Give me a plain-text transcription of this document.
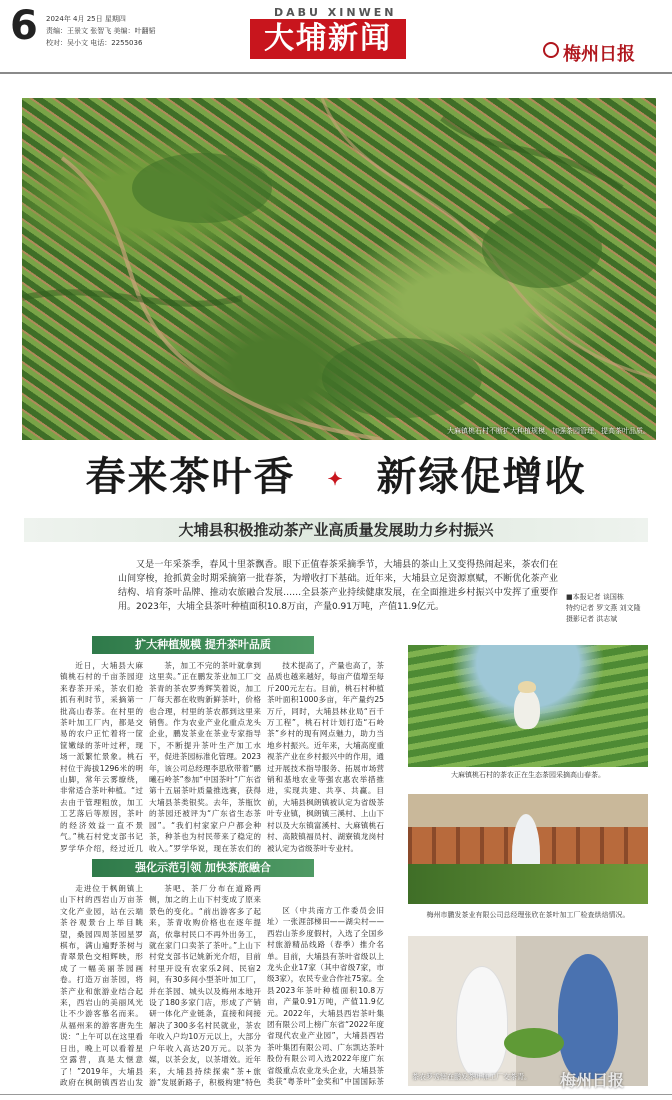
6 2024年 4月 25日 星期四
责编：王景文 张智飞 美编：叶翻韬
校对：吴小文 电话：2255036
DABU XINWEN
大埔新闻	梅州日报
大麻镇桃石村不断扩大种植规模，加强茶园管理，提高茶叶品质。
春来茶叶香 ✦ 新绿促增收
大埔县积极推动茶产业高质量发展助力乡村振兴
又是一年采茶季，春风十里茶飘香。眼下正值春茶采摘季节，大埔县的茶山上又变得热闹起来，茶农们在山间穿梭，抢抓黄金时期采摘第一批春茶，为增收打下基础。近年来，大埔县立足资源禀赋，不断优化茶产业结构、培育茶叶品牌、推动农旅融合发展……全县茶产业持续健康发展，在全面推进乡村振兴中发挥了重要作用。2023年，大埔全县茶叶种植面积10.8万亩，产量0.91万吨，产值11.9亿元。
■本报记者 谈国栋
特约记者 罗文燕 刘文隆
摄影记者 洪志斌
扩大种植规模 提升茶叶品质

近日，大埔县大麻镇桃石村的千亩茶园迎来春茶开采，茶农们抢抓有利时节，采摘第一批高山春茶。在村里的茶叶加工厂内，都是交易的农户正忙着将一筐筐嫩绿的茶叶过秤，现场一派繁忙景象。桃石村位于海拔1296米的明山脚，常年云雾缭绕，非常适合茶叶种植。“过去由于管理粗放，加工工艺落后等原因，茶叶的经济效益一直不景气。”桃石村党支部书记罗学华介绍，经过近几

茶，加工不完的茶叶就拿到这里卖。”正在鹏发茶业加工厂交茶青的茶农罗秀辉笑着说，加工厂每天都在收购新鲜茶叶，价格也合理，村里的茶农都到这里来销售。作为农业产业化重点龙头企业，鹏发茶业在茶业专家指导下，不断提升茶叶生产加工水平，促进茶园标准化管理。2023年，该公司总经理李思欣带着“鹏曦石岭茶”参加“中国茶叶”广东省第十五届茶叶质量推选赛，获得大埔县茶类银奖。去年，茶瓶饮的茶园还被评为“广东省生态茶园”。“我们村家家户户都会种茶，种茶也为村民带来了稳定的收入。”罗学华说，现在茶农们的

技术提高了，产量也高了，茶品质也越来越好，每亩产值增至每斤200元左右。目前，桃石村种植茶叶面积1000多亩，年产量约25万斤，同时，大埔县林业局“百千万工程”，桃石村计划打造“石岭茶”乡村的现有网点魅力，助力当地乡村振兴。近年来，大埔高度重视茶产业在乡村振兴中的作用，通过开展技术指导服务、拓展市场营销和基地农业等强农惠农举措推进，实现共建、共享、共赢。目前，大埔县枫朗镇被认定为省级茶叶专业镇，枫朗镇三溪村、上山下村以及大东镇富溪村、大麻镇桃石村、高陂镇福员村、湖寮镇龙岗村被认定为省级茶叶专业村。

强化示范引领 加快茶旅融合

走进位于枫朗镇上山下村的西岩山万亩茶文化产业园，站在云端茶谷观景台上举目眺望，桑园四周茶园星罗棋布，满山遍野茶树与青翠景色交相辉映，形成了一幅美丽茶园画卷。打造万亩茶园，将茶产业和旅游业结合起来，西岩山的美丽风光让不少游客慕名而来。从福州来的游客唐先生说：“上午可以在这里看日出，晚上可以看着星空露营，真是太惬意了！”2019年，大埔县政府在枫朗镇西岩山发

茶吧、茶厂分布在道路两侧，加之的上山下村变成了原来景色的变化。“前出游客多了起来，茶青收购价格也在逐年提高，依靠村民口不再外出务工，就在家门口卖茶了茶叶。”上山下村党支部书记姚新光介绍，目前村里开设有农家乐2间、民宿2间，有30多间小型茶叶加工厂，并在茶园、城头以及梅州本地开设了180多家门店，形成了产销研一体化产业链条，直接和间接解决了300多名村民就业，茶农年收入户均10万元以上，大部分户年收入高达20万元。以茶为媒，以茶会友，以茶增效。近年来，大埔县持续探索“茶+旅游”发展新路子，积极构建“特色

区（中共南方工作委员会旧址）一张涯部梯田——湖尖村——西岩山茶乡度假村，入选了全国乡村旅游精品线路（春季）推介名单。目前，大埔县有茶叶省级以上龙头企业17家（其中省级7家，市级3家），农民专业合作社75家。全县2023年茶叶种植面积10.8万亩，产量0.91万吨，产值11.9亿元。2022年，大埔县西岩茶叶集团有限公司上榜广东省“2022年度省现代农业产业园”，大埔县西岩茶叶集团有限公司、广东凯达茶叶股份有限公司入选2022年度广东省级重点农业龙头企业，大埔县茶类获“粤茶叶”金奖和“中国国际茶

大麻镇桃石村的茶农正在生态茶园采摘高山春茶。
梅州市鹏发茶业有限公司总经理张欣在茶叶加工厂检查烘焙情况。
茶农罗秀辉在鹏发茶叶加工厂交茶青。	梅州日报
